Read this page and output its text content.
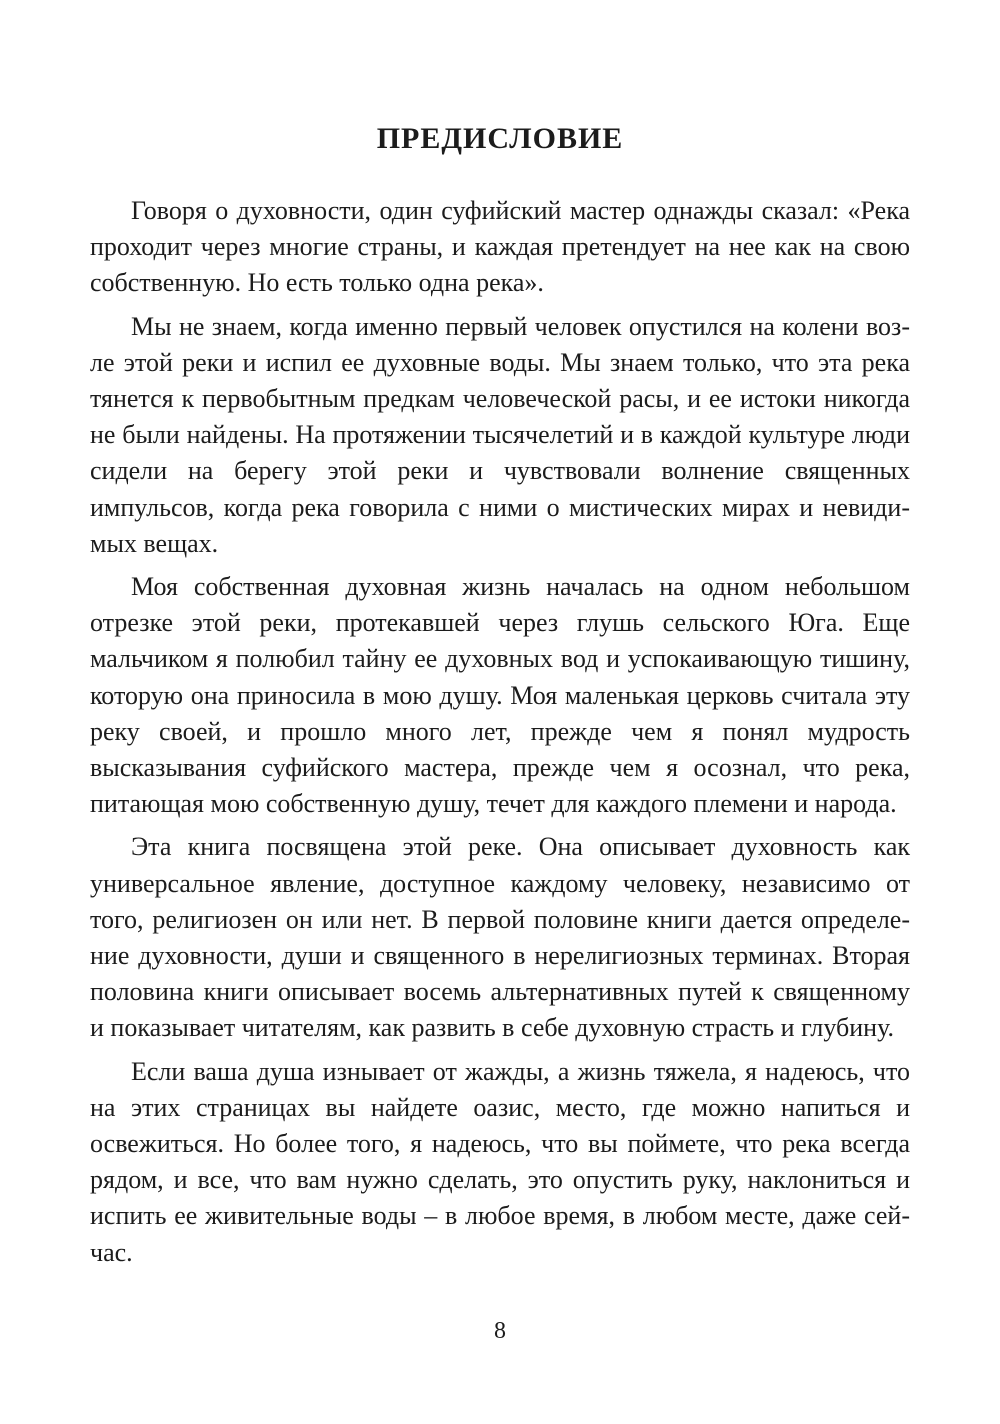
ПРЕДИСЛОВИЕ

Говоря о духовности, один суфийский мастер однажды сказал: «Река проходит через многие страны, и каждая претендует на нее как на свою собственную. Но есть только одна река».

Мы не знаем, когда именно первый человек опустился на колени возле этой реки и испил ее духовные воды. Мы знаем только, что эта река тянется к первобытным предкам человеческой расы, и ее истоки никогда не были найдены. На протяжении тысячелетий и в каждой культуре люди сидели на берегу этой реки и чувствовали волнение священных импульсов, когда река говорила с ними о мистических мирах и невидимых вещах.

Моя собственная духовная жизнь началась на одном небольшом отрезке этой реки, протекавшей через глушь сельского Юга. Еще мальчиком я полюбил тайну ее духовных вод и успокаивающую тишину, которую она приносила в мою душу. Моя маленькая церковь считала эту реку своей, и прошло много лет, прежде чем я понял мудрость высказывания суфийского мастера, прежде чем я осознал, что река, питающая мою собственную душу, течет для каждого племени и народа.

Эта книга посвящена этой реке. Она описывает духовность как универсальное явление, доступное каждому человеку, независимо от того, религиозен он или нет. В первой половине книги дается определение духовности, души и священного в нерелигиозных терминах. Вторая половина книги описывает восемь альтернативных путей к священному и показывает читателям, как развить в себе духовную страсть и глубину.

Если ваша душа изнывает от жажды, а жизнь тяжела, я надеюсь, что на этих страницах вы найдете оазис, место, где можно напиться и освежиться. Но более того, я надеюсь, что вы поймете, что река всегда рядом, и все, что вам нужно сделать, это опустить руку, наклониться и испить ее живительные воды – в любое время, в любом месте, даже сейчас.

8
